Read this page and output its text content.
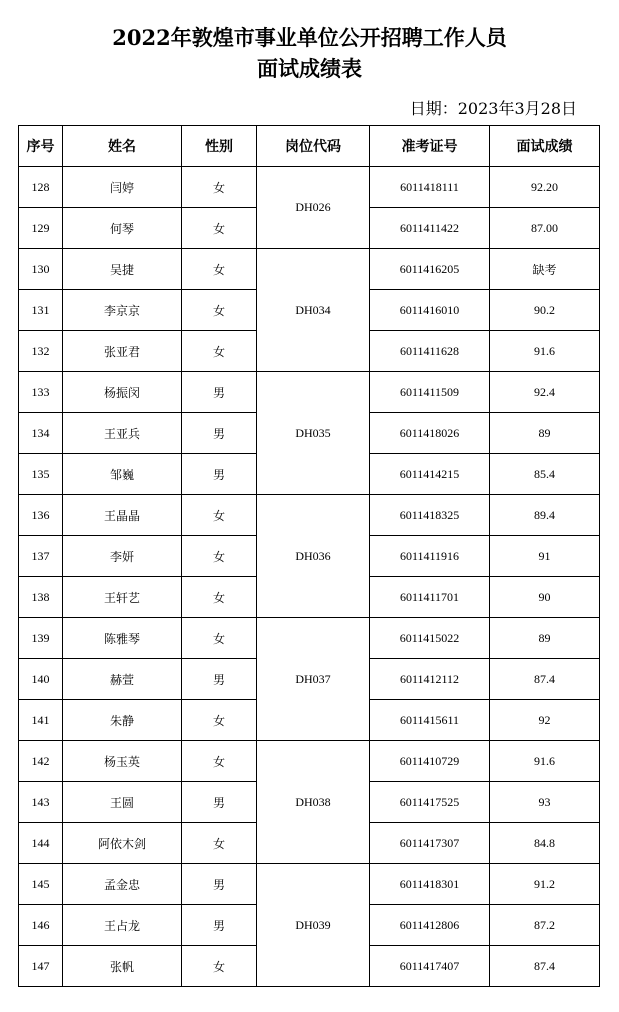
2022年敦煌市事业单位公开招聘工作人员
面试成绩表
日期：2023年3月28日
序号	姓名	性别	岗位代码	准考证号	面试成绩
128	闫婷	女	DH026	6011418111	92.20
129	何琴	女		6011411422	87.00
130	吴捷	女	DH034	6011416205	缺考
131	李京京	女		6011416010	90.2
132	张亚君	女		6011411628	91.6
133	杨振闵	男	DH035	6011411509	92.4
134	王亚兵	男		6011418026	89
135	邹巍	男		6011414215	85.4
136	王晶晶	女	DH036	6011418325	89.4
137	李妍	女		6011411916	91
138	王轩艺	女		6011411701	90
139	陈雅琴	女	DH037	6011415022	89
140	赫萱	男		6011412112	87.4
141	朱静	女		6011415611	92
142	杨玉英	女	DH038	6011410729	91.6
143	王圆	男		6011417525	93
144	阿依木剑	女		6011417307	84.8
145	孟金忠	男	DH039	6011418301	91.2
146	王占龙	男		6011412806	87.2
147	张帆	女		6011417407	87.4
